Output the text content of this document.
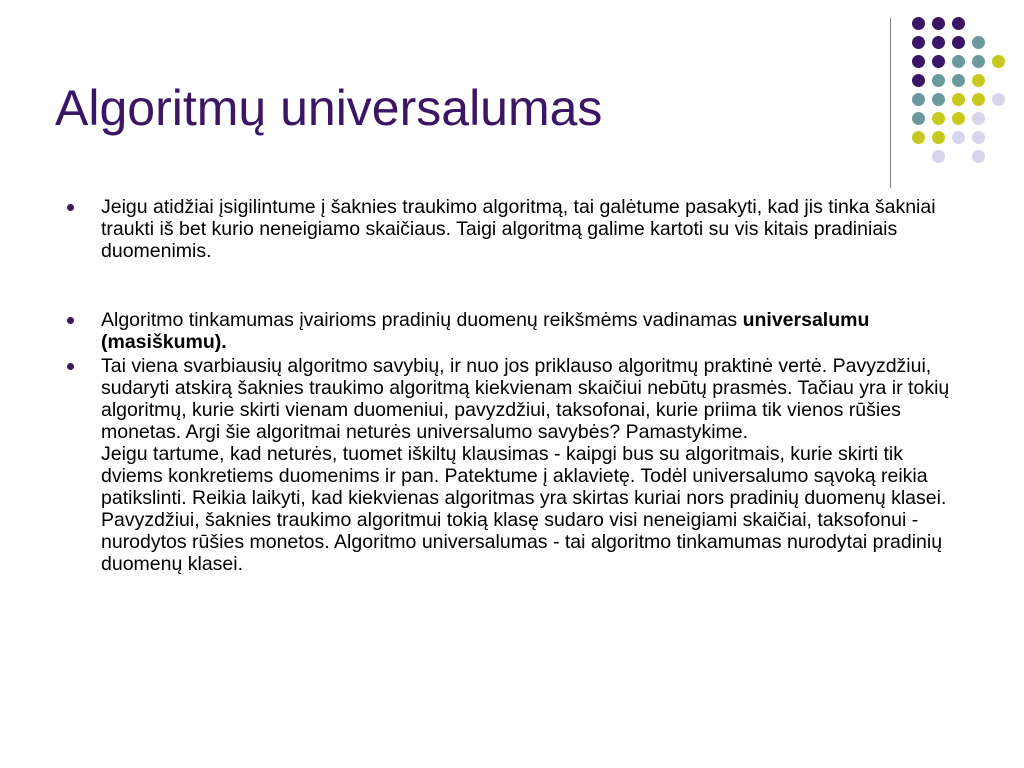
Algoritmų universalumas
Jeigu atidžiai įsigilintume į šaknies traukimo algoritmą, tai galėtume pasakyti, kad jis tinka šakniai traukti iš bet kurio neneigiamo skaičiaus. Taigi algoritmą galime kartoti su vis kitais pradiniais duomenimis.
Algoritmo tinkamumas įvairioms pradinių duomenų reikšmėms vadinamas universalumu (masiškumu).
Tai viena svarbiausių algoritmo savybių, ir nuo jos priklauso algoritmų praktinė vertė. Pavyzdžiui, sudaryti atskirą šaknies traukimo algoritmą kiekvienam skaičiui nebūtų prasmės. Tačiau yra ir tokių algoritmų, kurie skirti vienam duomeniui, pavyzdžiui, taksofonai, kurie priima tik vienos rūšies monetas. Argi šie algoritmai neturės universalumo savybės? Pamastykime.
Jeigu tartume, kad neturės, tuomet iškiltų klausimas - kaipgi bus su algoritmais, kurie skirti tik dviems konkretiems duomenims ir pan. Patektume į aklavietę. Todėl universalumo sąvoką reikia patikslinti. Reikia laikyti, kad kiekvienas algoritmas yra skirtas kuriai nors pradinių duomenų klasei. Pavyzdžiui, šaknies traukimo algoritmui tokią klasę sudaro visi neneigiami skaičiai, taksofonui - nurodytos rūšies monetos. Algoritmo universalumas - tai algoritmo tinkamumas nurodytai pradinių duomenų klasei.
